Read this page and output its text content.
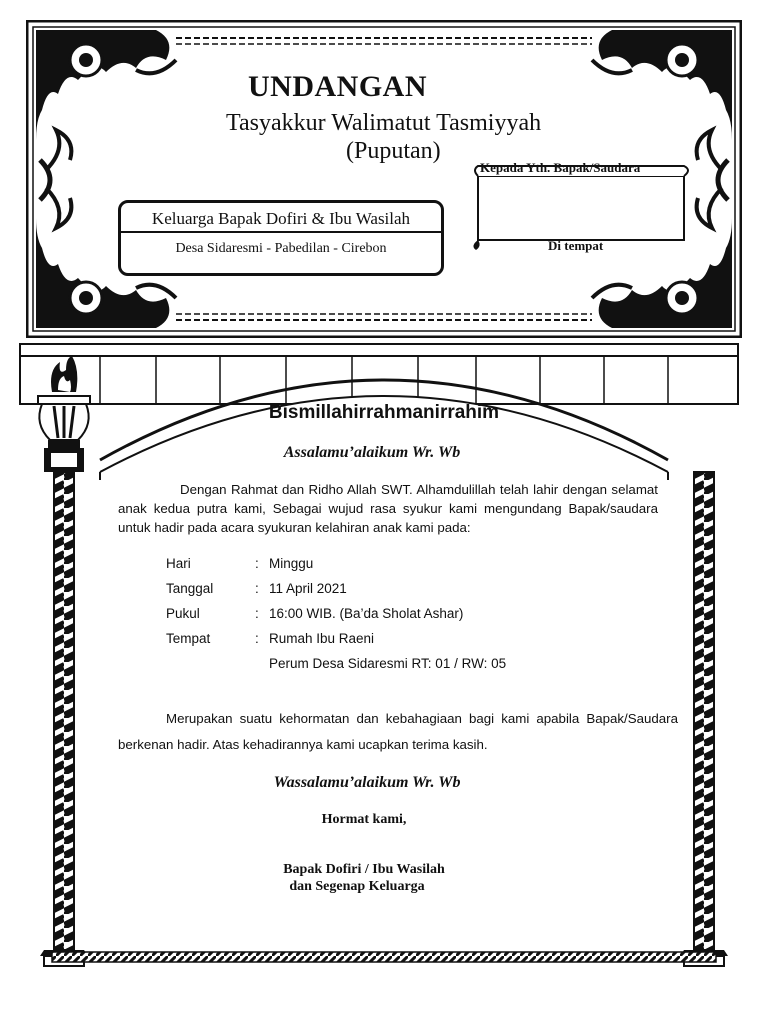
UNDANGAN
Tasyakkur Walimatut Tasmiyyah
(Puputan)
Keluarga Bapak Dofiri & Ibu Wasilah
Desa Sidaresmi - Pabedilan - Cirebon
Kepada Yth. Bapak/Saudara
Di tempat
Bismillahirrahmanirrahim
Assalamu’alaikum Wr. Wb
Dengan Rahmat dan Ridho Allah SWT. Alhamdulillah telah lahir dengan selamat anak kedua putra kami, Sebagai wujud rasa syukur kami mengundang Bapak/saudara untuk hadir pada acara syukuran kelahiran anak kami pada:
Hari	: Minggu
Tanggal	: 11 April 2021
Pukul	: 16:00 WIB. (Ba’da Sholat Ashar)
Tempat	: Rumah Ibu Raeni
Perum Desa Sidaresmi RT: 01 / RW: 05
Merupakan suatu kehormatan dan kebahagiaan bagi kami apabila Bapak/Saudara berkenan hadir. Atas kehadirannya kami ucapkan terima kasih.
Wassalamu’alaikum Wr. Wb
Hormat kami,
Bapak Dofiri / Ibu Wasilah
dan Segenap Keluarga
